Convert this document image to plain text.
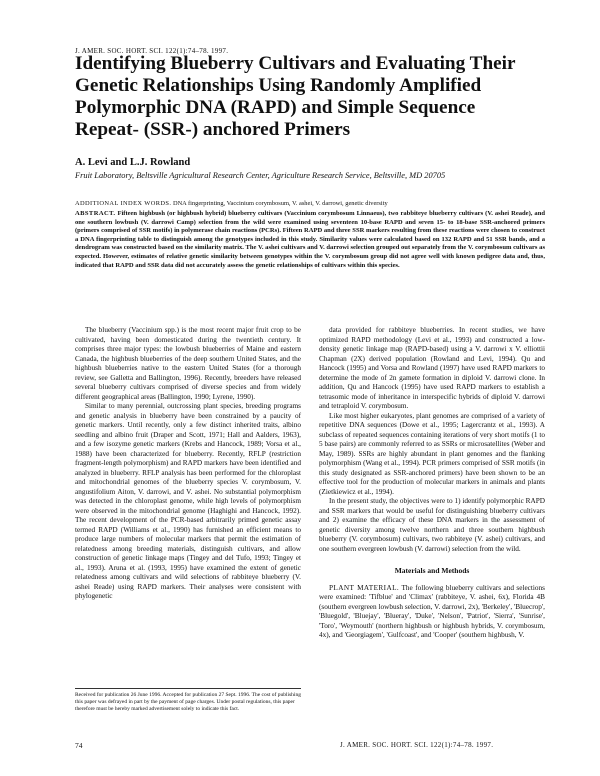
J. AMER. SOC. HORT. SCI. 122(1):74–78. 1997.
Identifying Blueberry Cultivars and Evaluating Their Genetic Relationships Using Randomly Amplified Polymorphic DNA (RAPD) and Simple Sequence Repeat- (SSR-) anchored Primers
A. Levi and L.J. Rowland
Fruit Laboratory, Beltsville Agricultural Research Center, Agriculture Research Service, Beltsville, MD 20705
ADDITIONAL INDEX WORDS. DNA fingerprinting, Vaccinium corymbosum, V. ashei, V. darrowi, genetic diversity
ABSTRACT. Fifteen highbush (or highbush hybrid) blueberry cultivars (Vaccinium corymbosum Linnaeus), two rabbiteye blueberry cultivars (V. ashei Reade), and one southern lowbush (V. darrowi Camp) selection from the wild were examined using seventeen 10-base RAPD and seven 15- to 18-base SSR-anchored primers (primers comprised of SSR motifs) in polymerase chain reactions (PCRs). Fifteen RAPD and three SSR markers resulting from these reactions were chosen to construct a DNA fingerprinting table to distinguish among the genotypes included in this study. Similarity values were calculated based on 132 RAPD and 51 SSR bands, and a dendrogram was constructed based on the similarity matrix. The V. ashei cultivars and V. darrowi selection grouped out separately from the V. corymbosum cultivars as expected. However, estimates of relative genetic similarity between genotypes within the V. corymbosum group did not agree well with known pedigree data and, thus, indicated that RAPD and SSR data did not accurately assess the genetic relationships of cultivars within this species.

The blueberry (Vaccinium spp.) is the most recent major fruit crop to be cultivated, having been domesticated during the twentieth century. It comprises three major types: the lowbush blueberries of Maine and eastern Canada, the highbush blueberries of the deep southern United States, and the highbush blueberries native to the eastern United States (for a thorough review, see Galletta and Ballington, 1996). Recently, breeders have released several blueberry cultivars comprised of diverse species and from widely different geographical areas (Ballington, 1990; Lyrene, 1990).

Similar to many perennial, outcrossing plant species, breeding programs and genetic analysis in blueberry have been constrained by a paucity of genetic markers. Until recently, only a few distinct inherited traits, albino seedling and albino fruit (Draper and Scott, 1971; Hall and Aalders, 1963), and a few isozyme genetic markers (Krebs and Hancock, 1989; Vorsa et al., 1988) have been characterized for blueberry. Recently, RFLP (restriction fragment-length polymorphism) and RAPD markers have been identified and analyzed in blueberry. RFLP analysis has been performed for the chloroplast and mitochondrial genomes of the blueberry species V. corymbosum, V. angustifolium Aiton, V. darrowi, and V. ashei. No substantial polymorphism was detected in the chloroplast genome, while high levels of polymorphism were observed in the mitochondrial genome (Haghighi and Hancock, 1992). The recent development of the PCR-based arbitrarily primed genetic assay termed RAPD (Williams et al., 1990) has furnished an efficient means to produce large numbers of molecular markers that permit the estimation of relatedness among breeding materials, distinguish cultivars, and allow construction of genetic linkage maps (Tingey and del Tufo, 1993; Tingey et al., 1993). Aruna et al. (1993, 1995) have examined the extent of genetic relatedness among cultivars and wild selections of rabbiteye blueberry (V. ashei Reade) using RAPD markers. Their analyses were consistent with phylogenetic

data provided for rabbiteye blueberries. In recent studies, we have optimized RAPD methodology (Levi et al., 1993) and constructed a low-density genetic linkage map (RAPD-based) using a V. darrowi x V. elliottii Chapman (2X) derived population (Rowland and Levi, 1994). Qu and Hancock (1995) and Vorsa and Rowland (1997) have used RAPD markers to determine the mode of 2n gamete formation in diploid V. darrowi clone. In addition, Qu and Hancock (1995) have used RAPD markers to establish a tetrasomic mode of inheritance in interspecific hybrids of diploid V. darrowi and tetraploid V. corymbosum.

Like most higher eukaryotes, plant genomes are comprised of a variety of repetitive DNA sequences (Dowe et al., 1995; Lagercrantz et al., 1993). A subclass of repeated sequences containing iterations of very short motifs (1 to 5 base pairs) are commonly referred to as SSRs or microsatellites (Weber and May, 1989). SSRs are highly abundant in plant genomes and the flanking polymorphism (Wang et al., 1994). PCR primers comprised of SSR motifs (in this study designated as SSR-anchored primers) have been shown to be an effective tool for the production of molecular markers in animals and plants (Zietkiewicz et al., 1994).

In the present study, the objectives were to 1) identify polymorphic RAPD and SSR markers that would be useful for distinguishing blueberry cultivars and 2) examine the efficacy of these DNA markers in the assessment of genetic diversity among twelve northern and three southern highbush blueberry (V. corymbosum) cultivars, two rabbiteye (V. ashei) cultivars, and one southern evergreen lowbush (V. darrowi) selection from the wild.

Materials and Methods

PLANT MATERIAL. The following blueberry cultivars and selections were examined: 'Tifblue' and 'Climax' (rabbiteye, V. ashei, 6x), Florida 4B (southern evergreen lowbush selection, V. darrowi, 2x), 'Berkeley', 'Bluecrop', 'Bluegold', 'Bluejay', 'Blueray', 'Duke', 'Nelson', 'Patriot', 'Sierra', 'Sunrise', 'Toro', 'Weymouth' (northern highbush or highbush hybrids, V. corymbosum, 4x), and 'Georgiagem', 'Gulfcoast', and 'Cooper' (southern highbush, V.

Received for publication 26 June 1996. Accepted for publication 27 Sept. 1996. The cost of publishing this paper was defrayed in part by the payment of page charges. Under postal regulations, this paper therefore must be hereby marked advertisement solely to indicate this fact.
74	J. AMER. SOC. HORT. SCI. 122(1):74–78. 1997.
